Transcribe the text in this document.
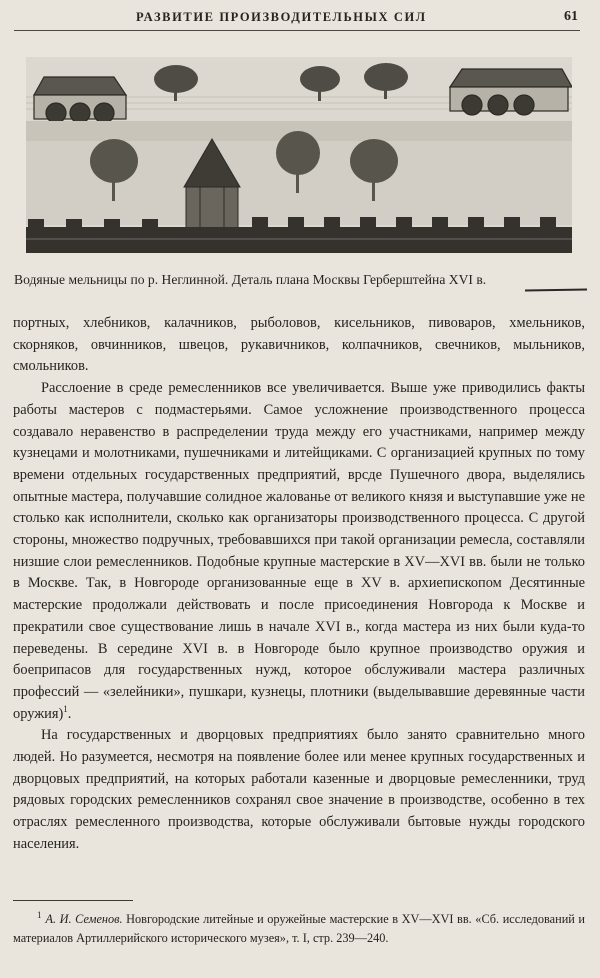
РАЗВИТИЕ ПРОИЗВОДИТЕЛЬНЫХ СИЛ	61
Водяные мельницы по р. Неглинной. Деталь плана Москвы Герберштейна XVI в.

портных, хлебников, калачников, рыболовов, кисельников, пивоваров, хмельников, скорняков, овчинников, швецов, рукавичников, колпачников, свечников, мыльников, смольников.

Расслоение в среде ремесленников все увеличивается. Выше уже приводились факты работы мастеров с подмастерьями. Самое усложнение производственного процесса создавало неравенство в распределении труда между его участниками, например между кузнецами и молотниками, пушечниками и литейщиками. С организацией крупных по тому времени отдельных государственных предприятий, врсде Пушечного двора, выделялись опытные мастера, получавшие солидное жалованье от великого князя и выступавшие уже не столько как исполнители, сколько как организаторы производственного процесса. С другой стороны, множество подручных, требовавшихся при такой организации ремесла, составляли низшие слои ремесленников. Подобные крупные мастерские в XV—XVI вв. были не только в Москве. Так, в Новгороде организованные еще в XV в. архиепископом Десятинные мастерские продолжали действовать и после присоединения Новгорода к Москве и прекратили свое существование лишь в начале XVI в., когда мастера из них были куда-то переведены. В середине XVI в. в Новгороде было крупное производство оружия и боеприпасов для государственных нужд, которое обслуживали мастера различных профессий — «зелейники», пушкари, кузнецы, плотники (выделывавшие деревянные части оружия)$^1$.

На государственных и дворцовых предприятиях было занято сравнительно много людей. Но разумеется, несмотря на появление более или менее крупных государственных и дворцовых предприятий, на которых работали казенные и дворцовые ремесленники, труд рядовых городских ремесленников сохранял свое значение в производстве, особенно в тех отраслях ремесленного производства, которые обслуживали бытовые нужды городского населения.

$^1$ А. И. Семенов. Новгородские литейные и оружейные мастерские в XV—XVI вв. «Сб. исследований и материалов Артиллерийского исторического музея», т. I, стр. 239—240.
